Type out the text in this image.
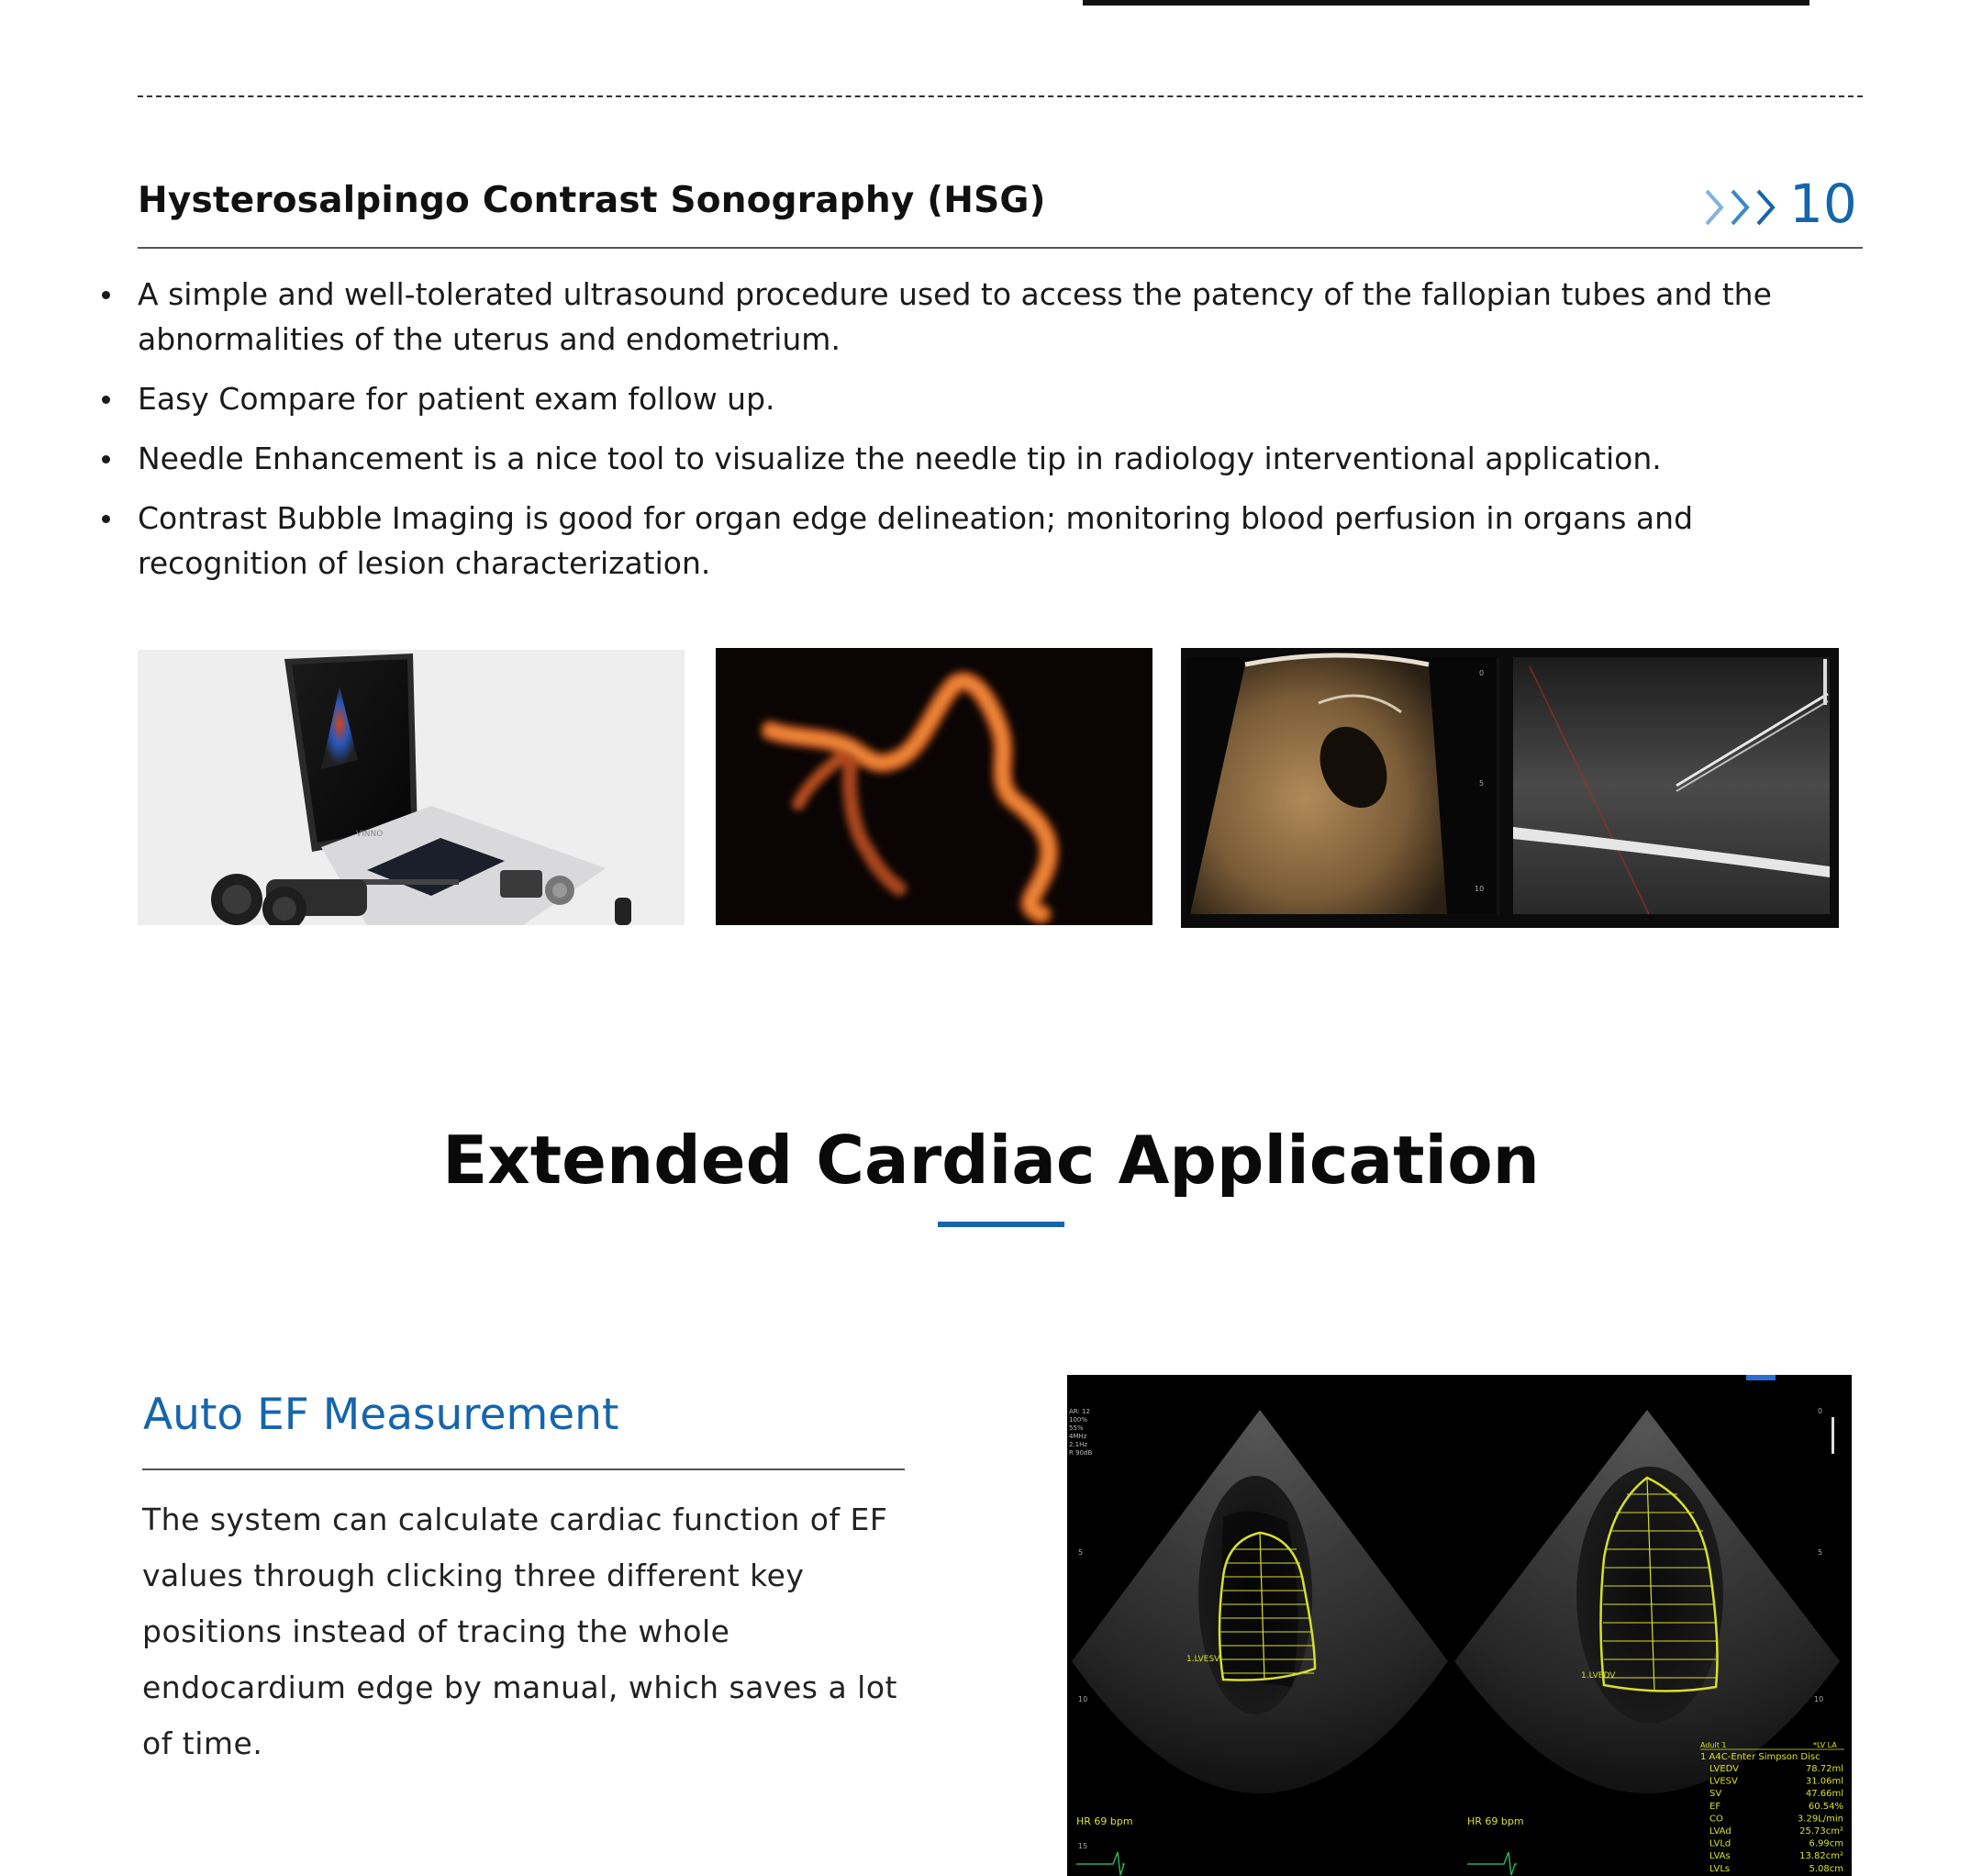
Hysterosalpingo Contrast Sonography (HSG)	10
A simple and well-tolerated ultrasound procedure used to access the patency of the fallopian tubes and the abnormalities of the uterus and endometrium.
Easy Compare for patient exam follow up.
Needle Enhancement is a nice tool to visualize the needle tip in radiology interventional application.
Contrast Bubble Imaging is good for organ edge delineation; monitoring blood perfusion in organs and recognition of lesion characterization.
VINNO
0
5
10
Extended Cardiac Application
Auto EF Measurement
The system can calculate cardiac function of EF values through clicking three different key positions instead of tracing the whole endocardium edge by manual, which saves a lot of time.
1.LVESV
AR: 12
100%
55%
4MHz
2.1Hz
R 90dB
5
10
15
HR 69 bpm
1.LVEDV
0
5
10
HR 69 bpm
Adult 1	*LV LA
1 A4C-Enter Simpson Disc
LVEDV	78.72ml
LVESV	31.06ml
SV	47.66ml
EF	60.54%
CO	3.29L/min
LVAd	25.73cm²
LVLd	6.99cm
LVAs	13.82cm²
LVLs	5.08cm
